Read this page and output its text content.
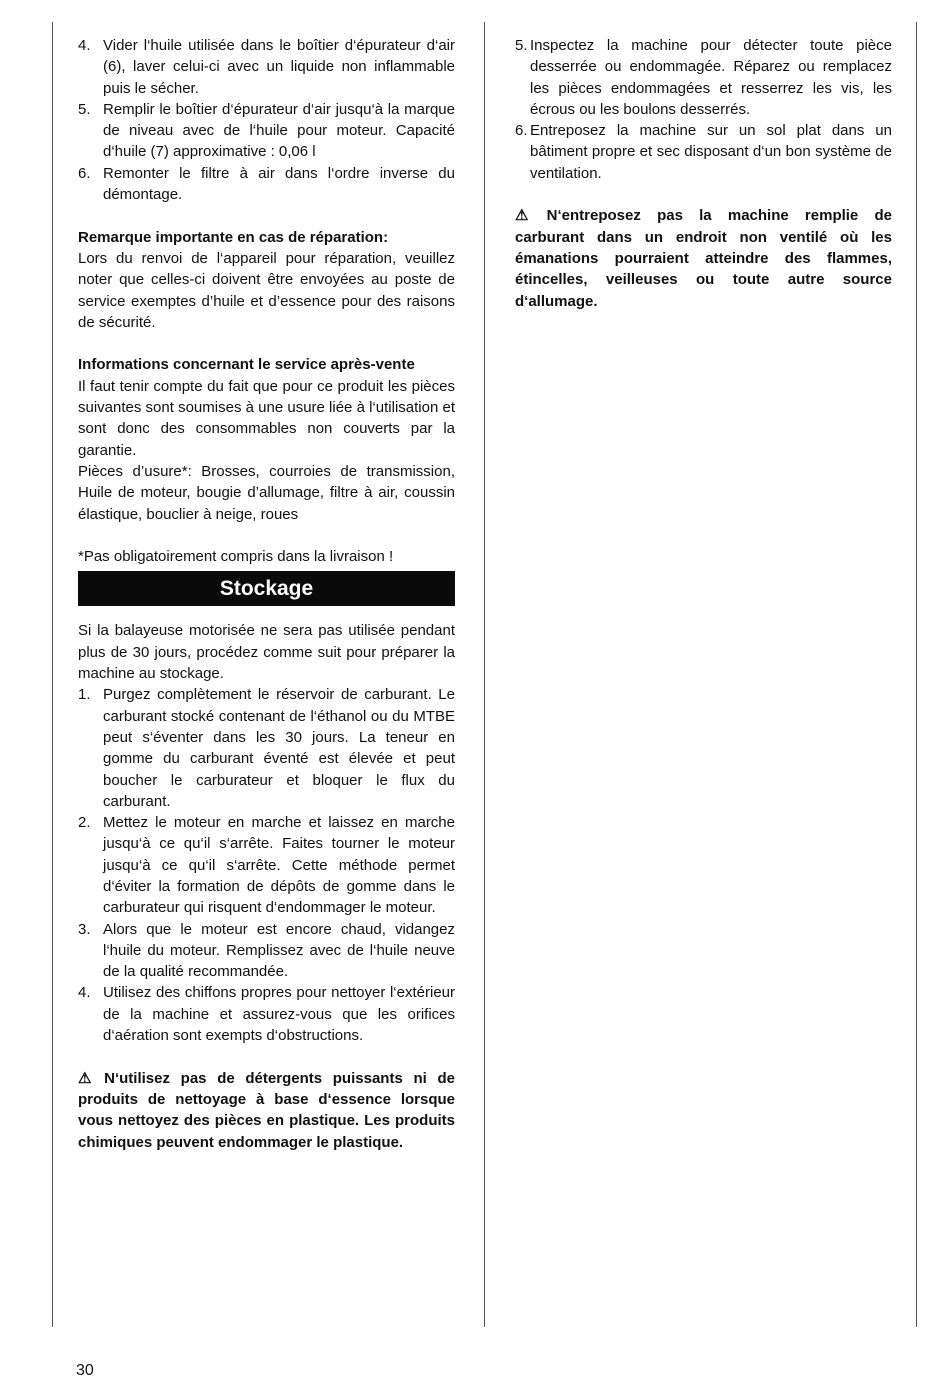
4. Vider l‘huile utilisée dans le boîtier d‘épurateur d‘air (6), laver celui-ci avec un liquide non inflammable puis le sécher.
5. Remplir le boîtier d‘épurateur d‘air jusqu‘à la marque de niveau avec de l‘huile pour moteur. Capacité d‘huile (7) approximative : 0,06 l
6. Remonter le filtre à air dans l‘ordre inverse du démontage.

Remarque importante en cas de réparation:

Lors du renvoi de l‘appareil pour réparation, veuillez noter que celles-ci doivent être envoyées au poste de service exemptes d’huile et d’essence pour des raisons de sécurité.

Informations concernant le service après-vente

Il faut tenir compte du fait que pour ce produit les pièces suivantes sont soumises à une usure liée à l‘utilisation et sont donc des consommables non couverts par la garantie.

Pièces d’usure*: Brosses, courroies de transmission, Huile de moteur, bougie d’allumage, filtre à air, coussin élastique, bouclier à neige, roues

*Pas obligatoirement compris dans la livraison !

Stockage

Si la balayeuse motorisée ne sera pas utilisée pendant plus de 30 jours, procédez comme suit pour préparer la machine au stockage.

1. Purgez complètement le réservoir de carburant. Le carburant stocké contenant de l‘éthanol ou du MTBE peut s‘éventer dans les 30 jours. La teneur en gomme du carburant éventé est élevée et peut boucher le carburateur et bloquer le flux du carburant.
2. Mettez le moteur en marche et laissez en marche jusqu‘à ce qu‘il s‘arrête. Faites tourner le moteur jusqu‘à ce qu‘il s‘arrête. Cette méthode permet d‘éviter la formation de dépôts de gomme dans le carburateur qui risquent d‘endommager le moteur.
3. Alors que le moteur est encore chaud, vidangez l‘huile du moteur. Remplissez avec de l‘huile neuve de la qualité recommandée.
4. Utilisez des chiffons propres pour nettoyer l‘extérieur de la machine et assurez-vous que les orifices d‘aération sont exempts d‘obstructions.

⚠ N‘utilisez pas de détergents puissants ni de produits de nettoyage à base d‘essence lorsque vous nettoyez des pièces en plastique. Les produits chimiques peuvent endommager le plastique.

5. Inspectez la machine pour détecter toute pièce desserrée ou endommagée. Réparez ou remplacez les pièces endommagées et resserrez les vis, les écrous ou les boulons desserrés.
6. Entreposez la machine sur un sol plat dans un bâtiment propre et sec disposant d‘un bon système de ventilation.

⚠ N‘entreposez pas la machine remplie de carburant dans un endroit non ventilé où les émanations pourraient atteindre des flammes, étincelles, veilleuses ou toute autre source d‘allumage.

30
